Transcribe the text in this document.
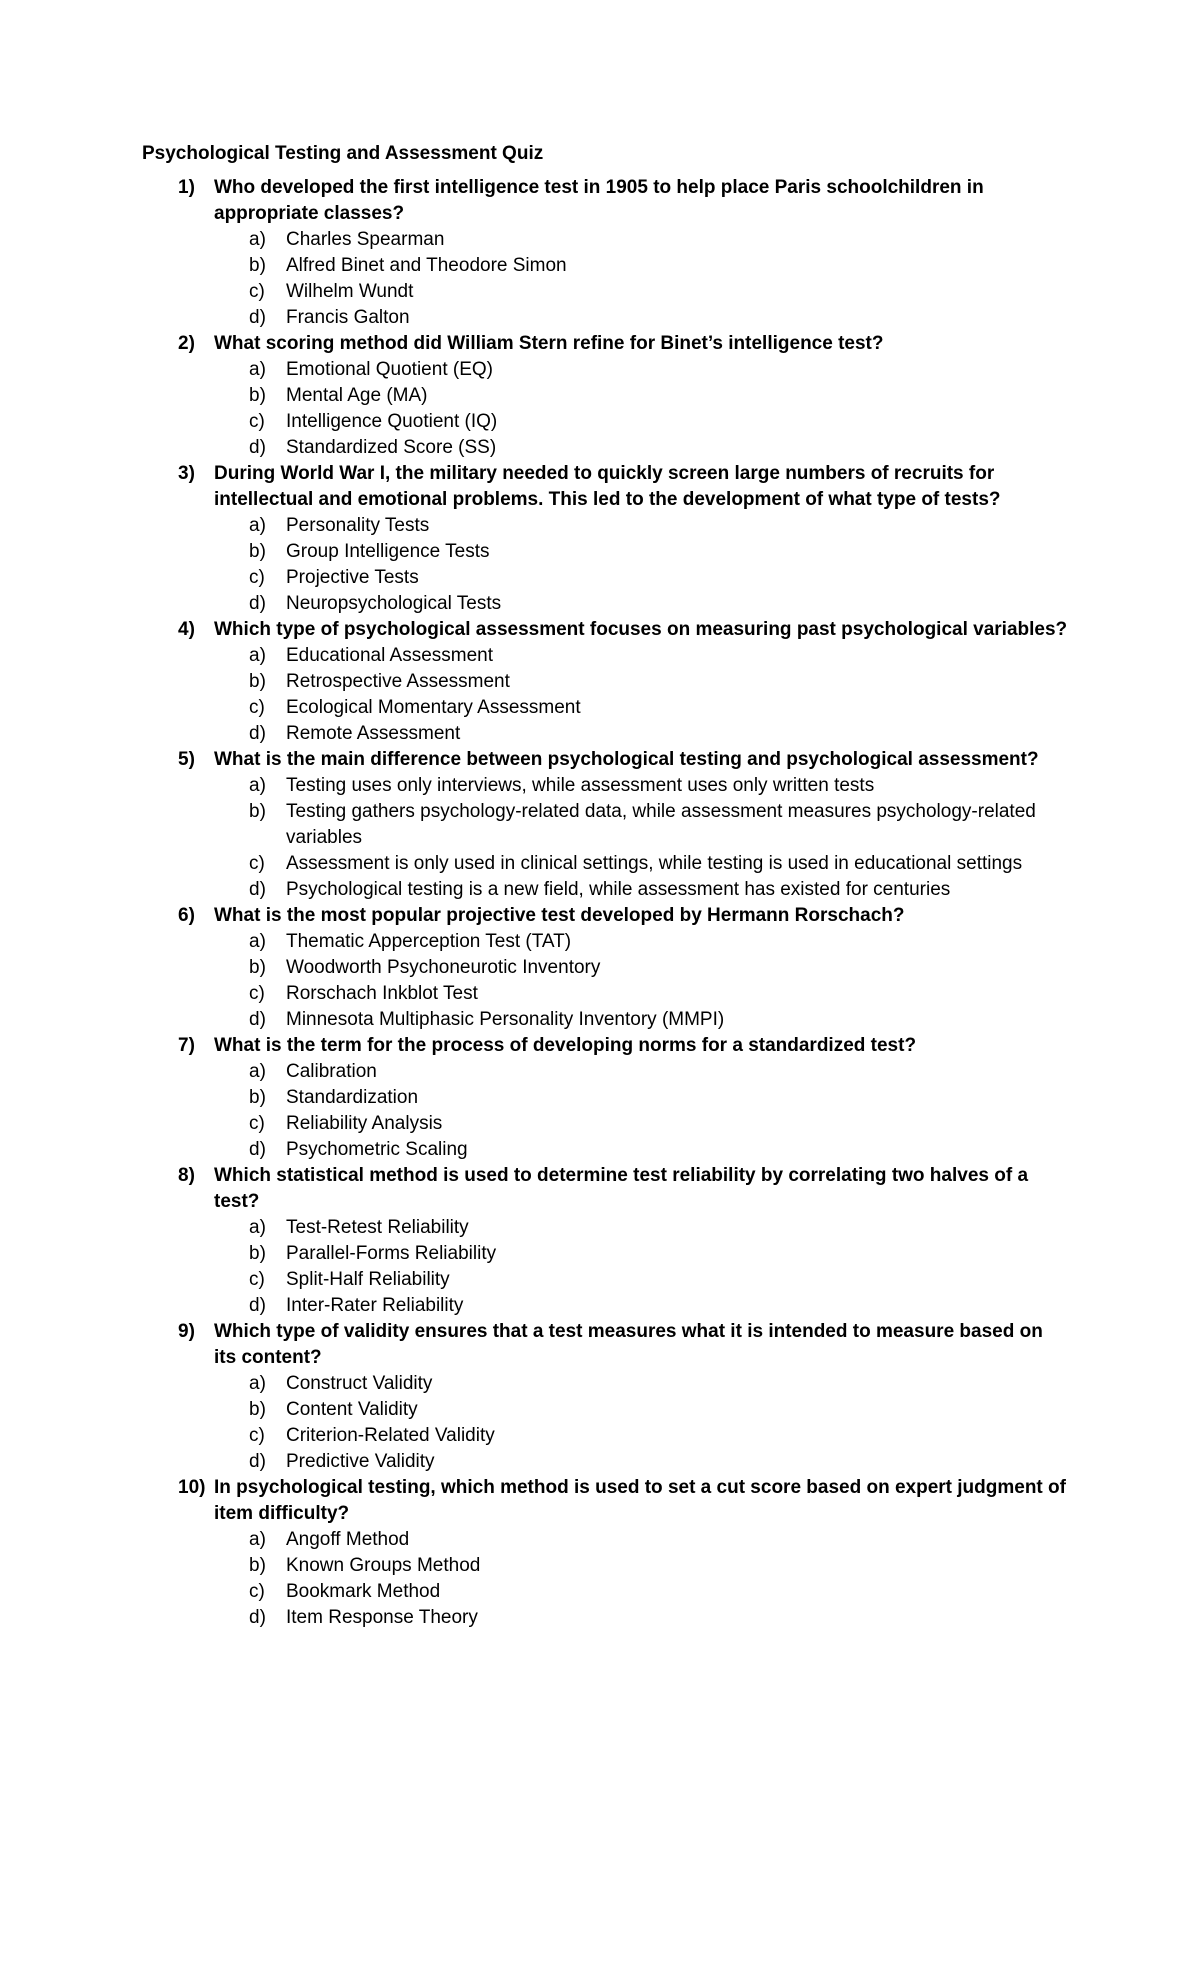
Psychological Testing and Assessment Quiz
1) Who developed the first intelligence test in 1905 to help place Paris schoolchildren in appropriate classes?

a) Charles Spearman
b) Alfred Binet and Theodore Simon
c) Wilhelm Wundt
d) Francis Galton
2) What scoring method did William Stern refine for Binet’s intelligence test?

a) Emotional Quotient (EQ)
b) Mental Age (MA)
c) Intelligence Quotient (IQ)
d) Standardized Score (SS)
3) During World War I, the military needed to quickly screen large numbers of recruits for intellectual and emotional problems. This led to the development of what type of tests?

a) Personality Tests
b) Group Intelligence Tests
c) Projective Tests
d) Neuropsychological Tests
4) Which type of psychological assessment focuses on measuring past psychological variables?

a) Educational Assessment
b) Retrospective Assessment
c) Ecological Momentary Assessment
d) Remote Assessment
5) What is the main difference between psychological testing and psychological assessment?

a) Testing uses only interviews, while assessment uses only written tests
b) Testing gathers psychology-related data, while assessment measures psychology-related variables
c) Assessment is only used in clinical settings, while testing is used in educational settings
d) Psychological testing is a new field, while assessment has existed for centuries
6) What is the most popular projective test developed by Hermann Rorschach?

a) Thematic Apperception Test (TAT)
b) Woodworth Psychoneurotic Inventory
c) Rorschach Inkblot Test
d) Minnesota Multiphasic Personality Inventory (MMPI)
7) What is the term for the process of developing norms for a standardized test?

a) Calibration
b) Standardization
c) Reliability Analysis
d) Psychometric Scaling
8) Which statistical method is used to determine test reliability by correlating two halves of a test?

a) Test-Retest Reliability
b) Parallel-Forms Reliability
c) Split-Half Reliability
d) Inter-Rater Reliability
9) Which type of validity ensures that a test measures what it is intended to measure based on its content?

a) Construct Validity
b) Content Validity
c) Criterion-Related Validity
d) Predictive Validity
10) In psychological testing, which method is used to set a cut score based on expert judgment of item difficulty?

a) Angoff Method
b) Known Groups Method
c) Bookmark Method
d) Item Response Theory
